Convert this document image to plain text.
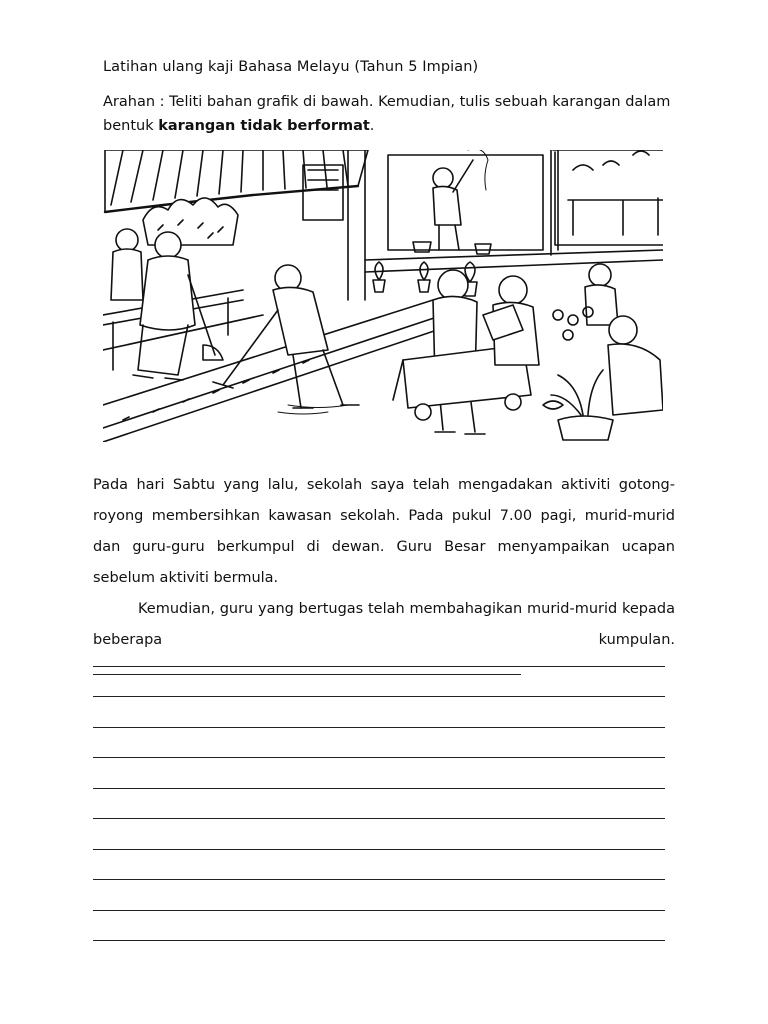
Latihan ulang kaji Bahasa Melayu (Tahun 5 Impian)
Arahan : Teliti bahan grafik di bawah. Kemudian, tulis sebuah karangan dalam bentuk karangan tidak berformat.

Pada hari Sabtu yang lalu, sekolah saya telah mengadakan aktiviti gotong-royong membersihkan kawasan sekolah. Pada pukul 7.00 pagi, murid-murid dan guru-guru berkumpul di dewan. Guru Besar menyampaikan ucapan sebelum aktiviti bermula.

Kemudian, guru yang bertugas telah membahagikan murid-murid kepada beberapa kumpulan.
